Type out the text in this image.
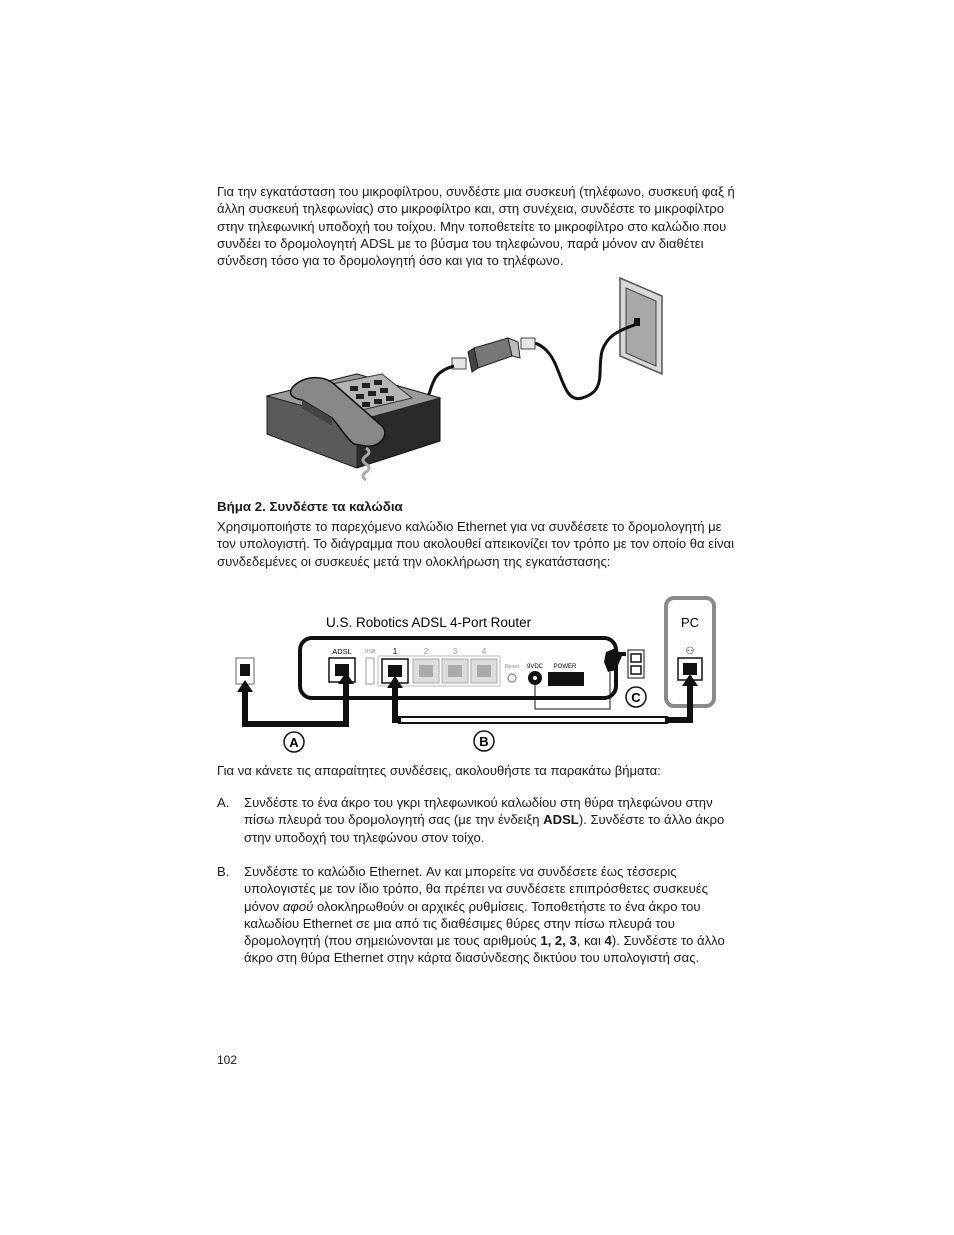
Για την εγκατάσταση του μικροφίλτρου, συνδέστε μια συσκευή (τηλέφωνο, συσκευή φαξ ή άλλη συσκευή τηλεφωνίας) στο μικροφίλτρο και, στη συνέχεια, συνδέστε το μικροφίλτρο στην τηλεφωνική υποδοχή του τοίχου. Μην τοποθετείτε το μικροφίλτρο στο καλώδιο που συνδέει το δρομολογητή ADSL με το βύσμα του τηλεφώνου, παρά μόνον αν διαθέτει σύνδεση τόσο για το δρομολογητή όσο και για το τηλέφωνο.

Βήμα 2. Συνδέστε τα καλώδια

Χρησιμοποιήστε το παρεχόμενο καλώδιο Ethernet για να συνδέσετε το δρομολογητή με τον υπολογιστή. Το διάγραμμα που ακολουθεί απεικονίζει τον τρόπο με τον οποίο θα είναι συνδεδεμένες οι συσκευές μετά την ολοκλήρωση της εγκατάστασης:

PC
⚇
U.S. Robotics ADSL 4-Port Router
ADSL USB 1	2	3	4
Reset 9VDC POWER
C
A	B

Για να κάνετε τις απαραίτητες συνδέσεις, ακολουθήστε τα παρακάτω βήματα:

A. Συνδέστε το ένα άκρο του γκρι τηλεφωνικού καλωδίου στη θύρα τηλεφώνου στην πίσω πλευρά του δρομολογητή σας (με την ένδειξη ADSL). Συνδέστε το άλλο άκρο στην υποδοχή του τηλεφώνου στον τοίχο.
B. Συνδέστε το καλώδιο Ethernet. Αν και μπορείτε να συνδέσετε έως τέσσερις υπολογιστές με τον ίδιο τρόπο, θα πρέπει να συνδέσετε επιπρόσθετες συσκευές μόνον αφού ολοκληρωθούν οι αρχικές ρυθμίσεις. Τοποθετήστε το ένα άκρο του καλωδίου Ethernet σε μια από τις διαθέσιμες θύρες στην πίσω πλευρά του δρομολογητή (που σημειώνονται με τους αριθμούς 1, 2, 3, και 4). Συνδέστε το άλλο άκρο στη θύρα Ethernet στην κάρτα διασύνδεσης δικτύου του υπολογιστή σας.
102
